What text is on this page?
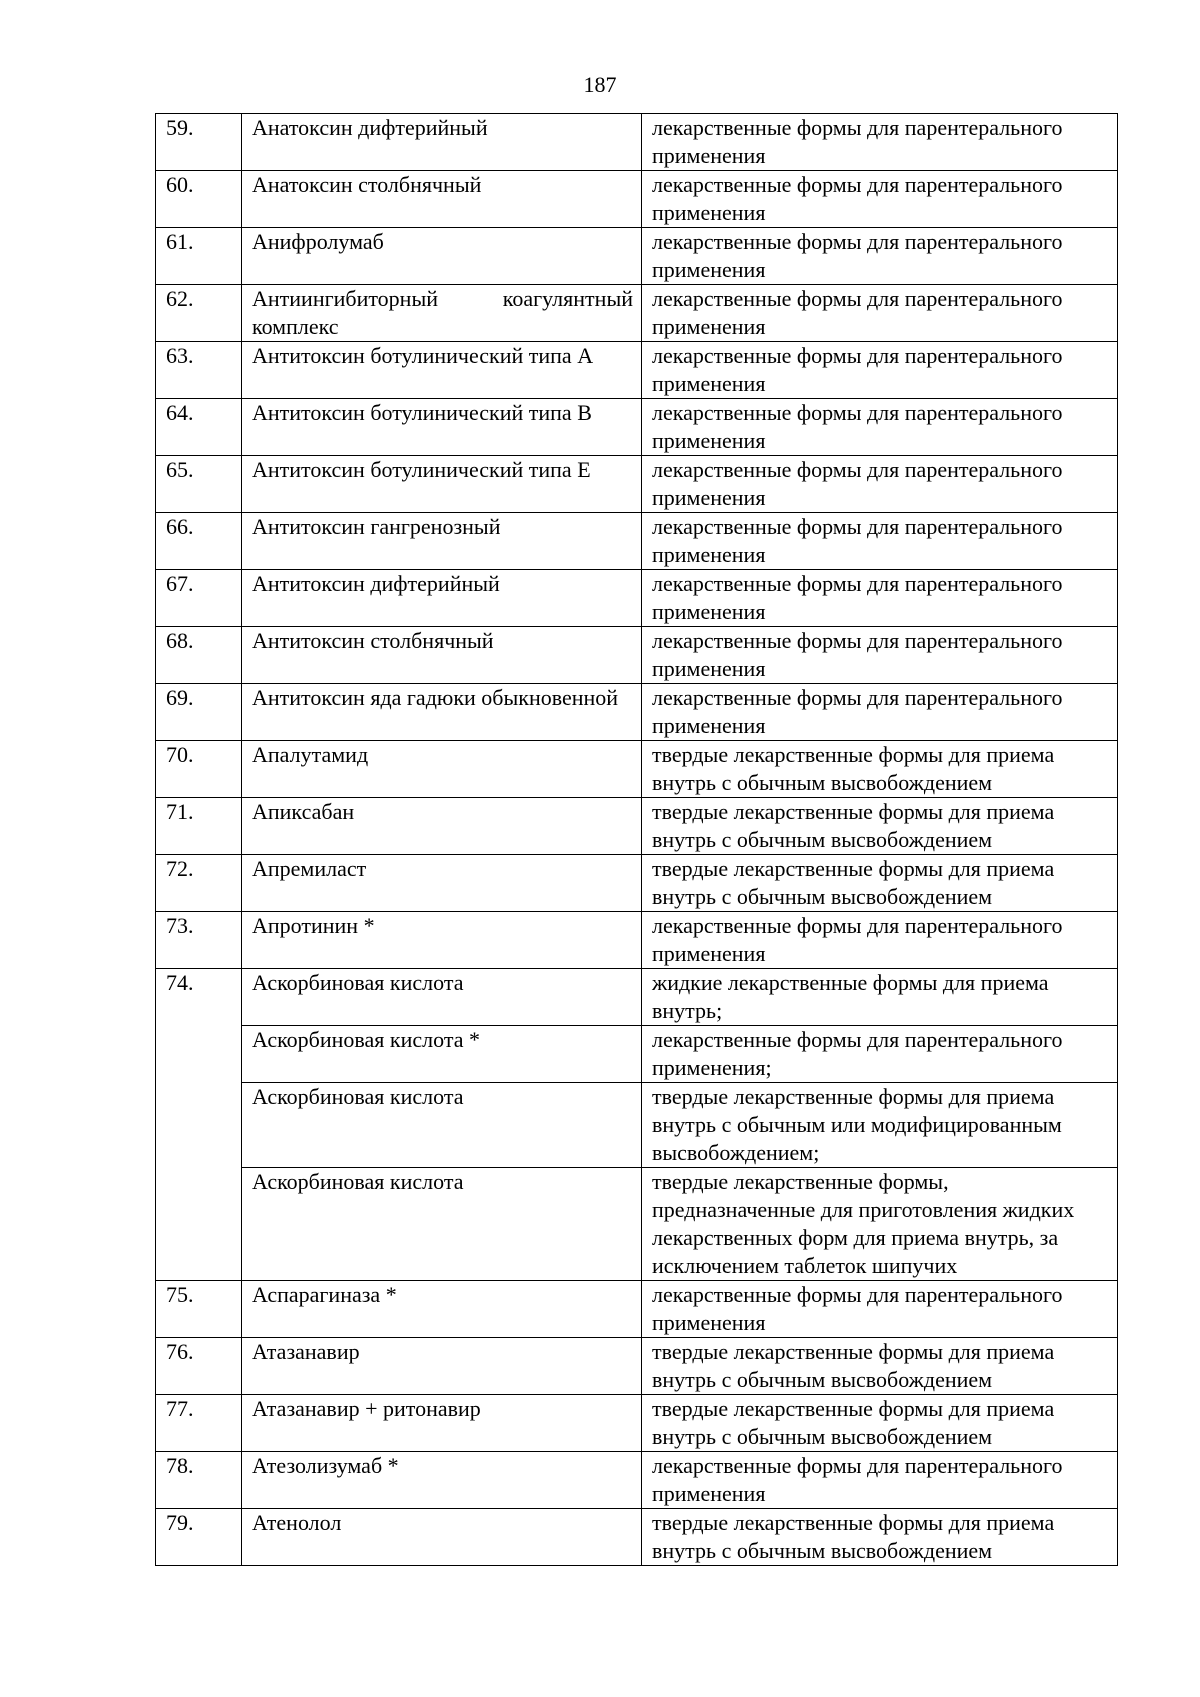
187
59.	Анатоксин дифтерийный	лекарственные формы для парентерального применения
60.	Анатоксин столбнячный	лекарственные формы для парентерального применения
61.	Анифролумаб	лекарственные формы для парентерального применения
62.	Антиингибиторный коагулянтный комплекс	лекарственные формы для парентерального применения
63.	Антитоксин ботулинический типа A	лекарственные формы для парентерального применения
64.	Антитоксин ботулинический типа B	лекарственные формы для парентерального применения
65.	Антитоксин ботулинический типа E	лекарственные формы для парентерального применения
66.	Антитоксин гангренозный	лекарственные формы для парентерального применения
67.	Антитоксин дифтерийный	лекарственные формы для парентерального применения
68.	Антитоксин столбнячный	лекарственные формы для парентерального применения
69.	Антитоксин яда гадюки обыкновенной	лекарственные формы для парентерального применения
70.	Апалутамид	твердые лекарственные формы для приема внутрь с обычным высвобождением
71.	Апиксабан	твердые лекарственные формы для приема внутрь с обычным высвобождением
72.	Апремиласт	твердые лекарственные формы для приема внутрь с обычным высвобождением
73.	Апротинин *	лекарственные формы для парентерального применения
74.	Аскорбиновая кислота	жидкие лекарственные формы для приема внутрь;
	Аскорбиновая кислота *	лекарственные формы для парентерального применения;
	Аскорбиновая кислота	твердые лекарственные формы для приема внутрь с обычным или модифицированным высвобождением;
	Аскорбиновая кислота	твердые лекарственные формы, предназначенные для приготовления жидких лекарственных форм для приема внутрь, за исключением таблеток шипучих
75.	Аспарагиназа *	лекарственные формы для парентерального применения
76.	Атазанавир	твердые лекарственные формы для приема внутрь с обычным высвобождением
77.	Атазанавир + ритонавир	твердые лекарственные формы для приема внутрь с обычным высвобождением
78.	Атезолизумаб *	лекарственные формы для парентерального применения
79.	Атенолол	твердые лекарственные формы для приема внутрь с обычным высвобождением
